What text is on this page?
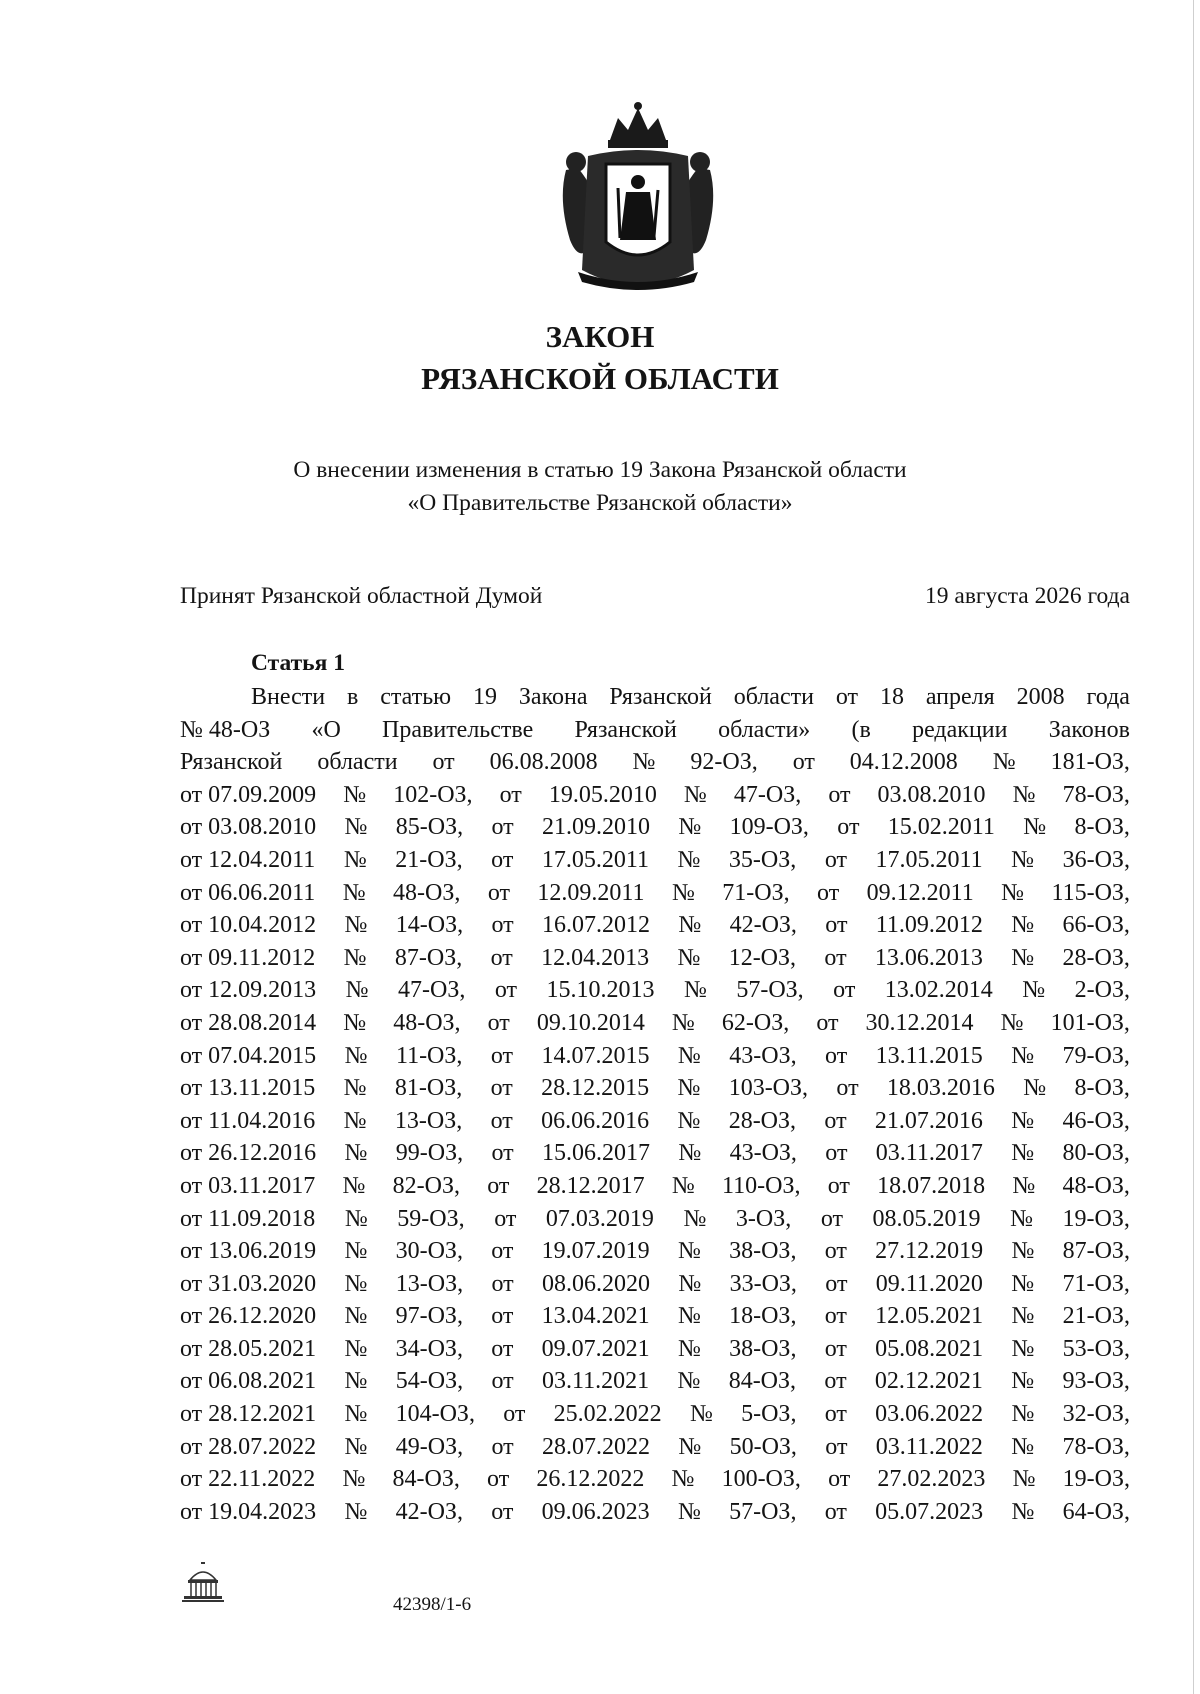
ЗАКОН
РЯЗАНСКОЙ ОБЛАСТИ
О внесении изменения в статью 19 Закона Рязанской области
«О Правительстве Рязанской области»
Принят Рязанской областной Думой	19 августа 2026 года
Статья 1
Внести в статью 19 Закона Рязанской области от 18 апреля 2008 года
№ 48-ОЗ «О Правительстве Рязанской области» (в редакции Законов
Рязанской области от 06.08.2008 № 92-ОЗ, от 04.12.2008 № 181-ОЗ,
от 07.09.2009 № 102-ОЗ, от 19.05.2010 № 47-ОЗ, от 03.08.2010 № 78-ОЗ,
от 03.08.2010 № 85-ОЗ, от 21.09.2010 № 109-ОЗ, от 15.02.2011 № 8-ОЗ,
от 12.04.2011 № 21-ОЗ, от 17.05.2011 № 35-ОЗ, от 17.05.2011 № 36-ОЗ,
от 06.06.2011 № 48-ОЗ, от 12.09.2011 № 71-ОЗ, от 09.12.2011 № 115-ОЗ,
от 10.04.2012 № 14-ОЗ, от 16.07.2012 № 42-ОЗ, от 11.09.2012 № 66-ОЗ,
от 09.11.2012 № 87-ОЗ, от 12.04.2013 № 12-ОЗ, от 13.06.2013 № 28-ОЗ,
от 12.09.2013 № 47-ОЗ, от 15.10.2013 № 57-ОЗ, от 13.02.2014 № 2-ОЗ,
от 28.08.2014 № 48-ОЗ, от 09.10.2014 № 62-ОЗ, от 30.12.2014 № 101-ОЗ,
от 07.04.2015 № 11-ОЗ, от 14.07.2015 № 43-ОЗ, от 13.11.2015 № 79-ОЗ,
от 13.11.2015 № 81-ОЗ, от 28.12.2015 № 103-ОЗ, от 18.03.2016 № 8-ОЗ,
от 11.04.2016 № 13-ОЗ, от 06.06.2016 № 28-ОЗ, от 21.07.2016 № 46-ОЗ,
от 26.12.2016 № 99-ОЗ, от 15.06.2017 № 43-ОЗ, от 03.11.2017 № 80-ОЗ,
от 03.11.2017 № 82-ОЗ, от 28.12.2017 № 110-ОЗ, от 18.07.2018 № 48-ОЗ,
от 11.09.2018 № 59-ОЗ, от 07.03.2019 № 3-ОЗ, от 08.05.2019 № 19-ОЗ,
от 13.06.2019 № 30-ОЗ, от 19.07.2019 № 38-ОЗ, от 27.12.2019 № 87-ОЗ,
от 31.03.2020 № 13-ОЗ, от 08.06.2020 № 33-ОЗ, от 09.11.2020 № 71-ОЗ,
от 26.12.2020 № 97-ОЗ, от 13.04.2021 № 18-ОЗ, от 12.05.2021 № 21-ОЗ,
от 28.05.2021 № 34-ОЗ, от 09.07.2021 № 38-ОЗ, от 05.08.2021 № 53-ОЗ,
от 06.08.2021 № 54-ОЗ, от 03.11.2021 № 84-ОЗ, от 02.12.2021 № 93-ОЗ,
от 28.12.2021 № 104-ОЗ, от 25.02.2022 № 5-ОЗ, от 03.06.2022 № 32-ОЗ,
от 28.07.2022 № 49-ОЗ, от 28.07.2022 № 50-ОЗ, от 03.11.2022 № 78-ОЗ,
от 22.11.2022 № 84-ОЗ, от 26.12.2022 № 100-ОЗ, от 27.02.2023 № 19-ОЗ,
от 19.04.2023 № 42-ОЗ, от 09.06.2023 № 57-ОЗ, от 05.07.2023 № 64-ОЗ,
42398/1-6
